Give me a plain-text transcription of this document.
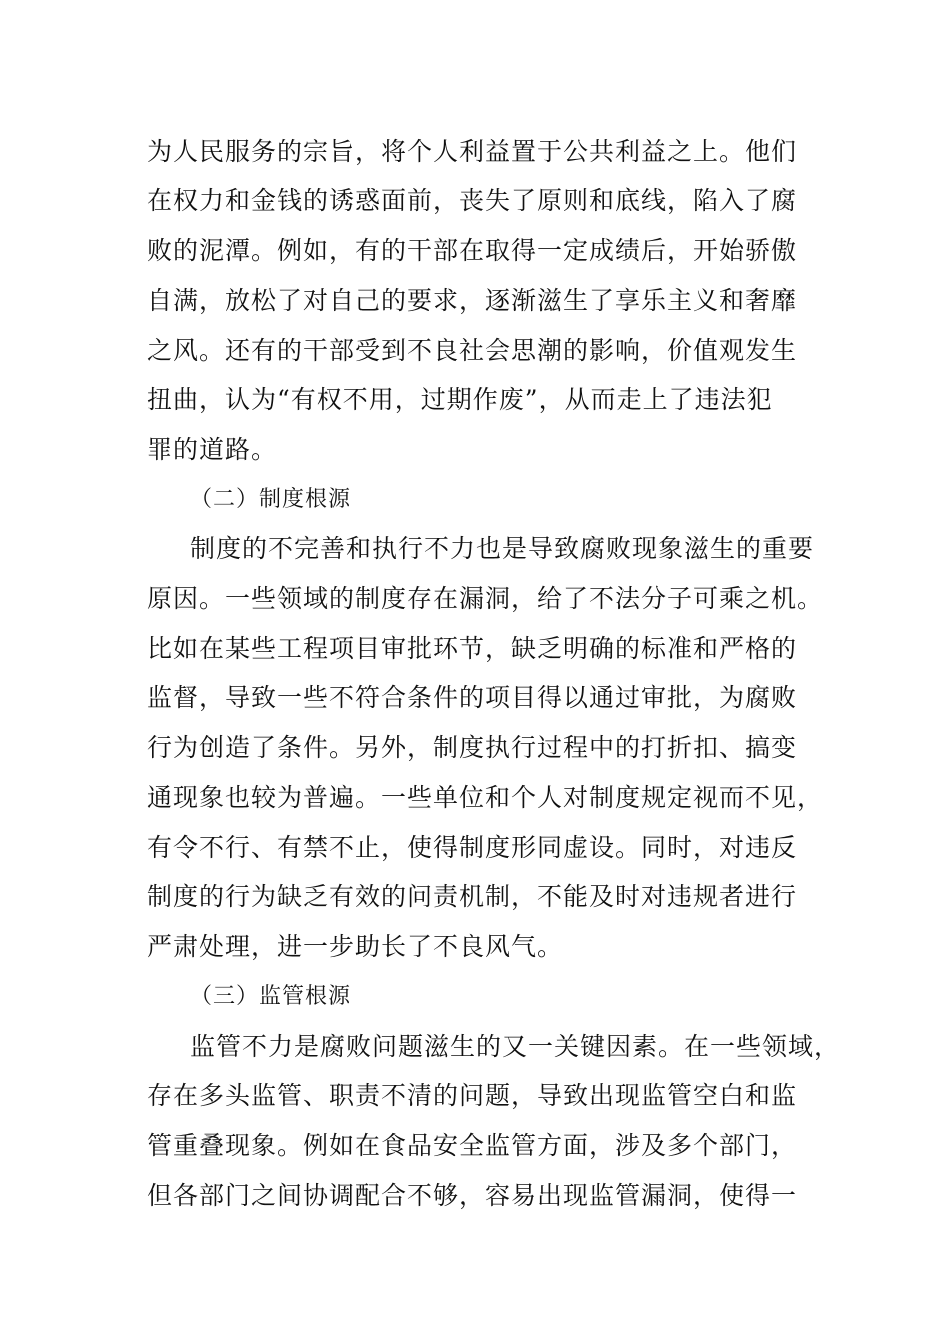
为人民服务的宗旨，将个人利益置于公共利益之上。他们
在权力和金钱的诱惑面前，丧失了原则和底线，陷入了腐
败的泥潭。例如，有的干部在取得一定成绩后，开始骄傲
自满，放松了对自己的要求，逐渐滋生了享乐主义和奢靡
之风。还有的干部受到不良社会思潮的影响，价值观发生
扭曲，认为“有权不用，过期作废”，从而走上了违法犯
罪的道路。
（二）制度根源
制度的不完善和执行不力也是导致腐败现象滋生的重要
原因。一些领域的制度存在漏洞，给了不法分子可乘之机。
比如在某些工程项目审批环节，缺乏明确的标准和严格的
监督，导致一些不符合条件的项目得以通过审批，为腐败
行为创造了条件。另外，制度执行过程中的打折扣、搞变
通现象也较为普遍。一些单位和个人对制度规定视而不见，
有令不行、有禁不止，使得制度形同虚设。同时，对违反
制度的行为缺乏有效的问责机制，不能及时对违规者进行
严肃处理，进一步助长了不良风气。
（三）监管根源
监管不力是腐败问题滋生的又一关键因素。在一些领域，
存在多头监管、职责不清的问题，导致出现监管空白和监
管重叠现象。例如在食品安全监管方面，涉及多个部门，
但各部门之间协调配合不够，容易出现监管漏洞，使得一
